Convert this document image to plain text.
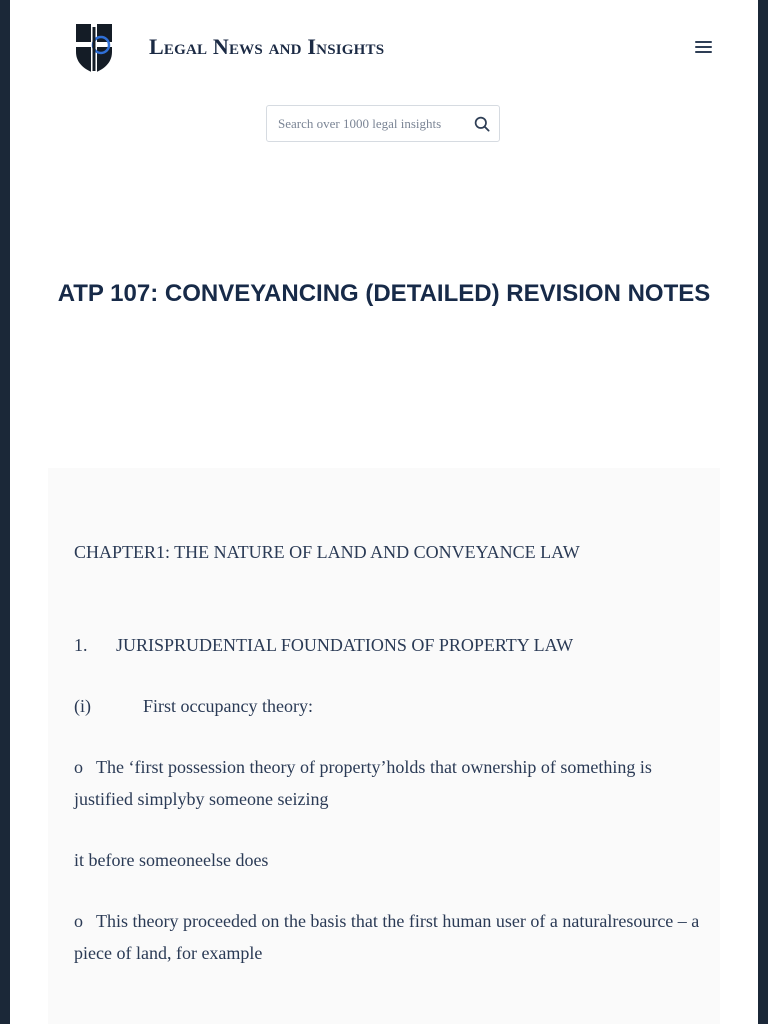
Legal News and Insights
Search over 1000 legal insights
ATP 107: CONVEYANCING (DETAILED) REVISION NOTES

CHAPTER1: THE NATURE OF LAND AND CONVEYANCE LAW

1. JURISPRUDENTIAL FOUNDATIONS OF PROPERTY LAW

(i)	First occupancy theory:

o The ‘first possession theory of property’holds that ownership of something is justified simplyby someone seizing

it before someoneelse does

o This theory proceeded on the basis that the first human user of a naturalresource – a piece of land, for example
